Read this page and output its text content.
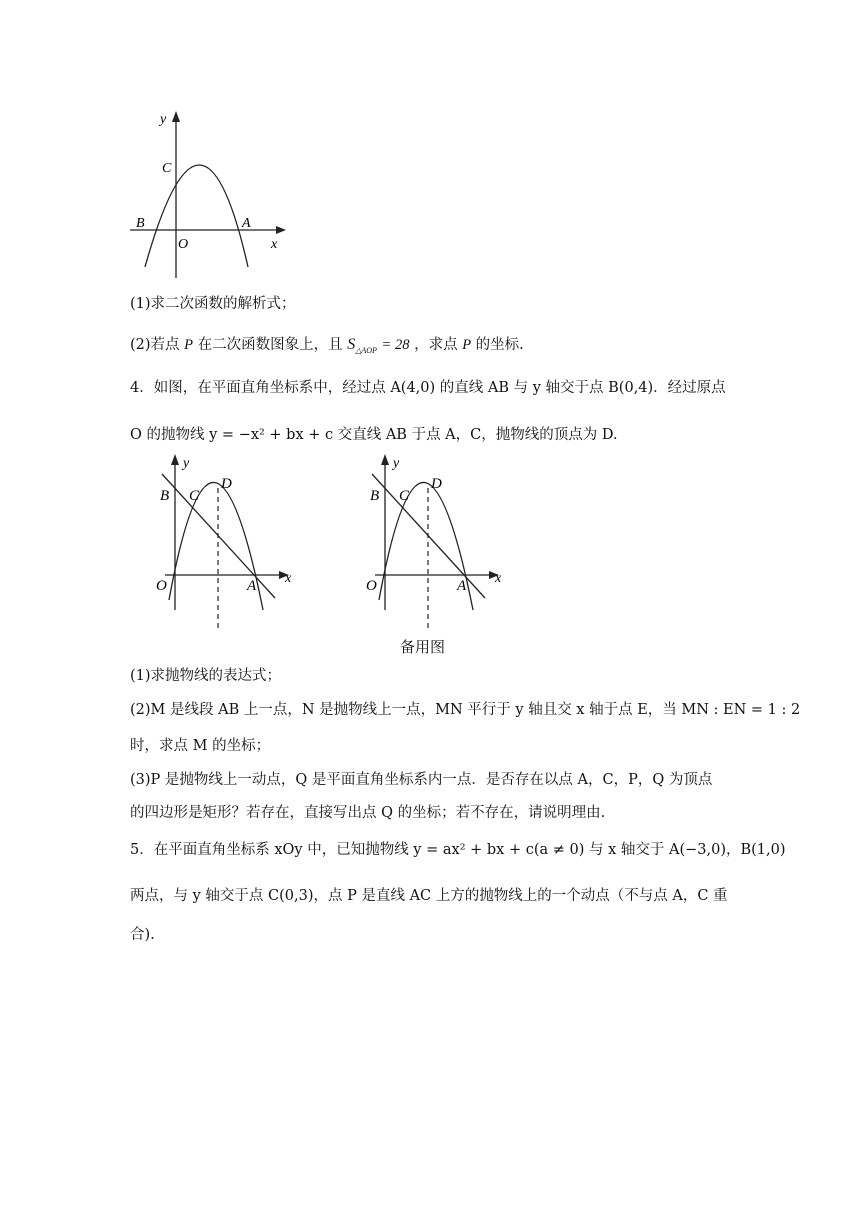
y
x
C
B	A
O
(1)求二次函数的解析式；
(2)若点 P 在二次函数图象上，且 $S_{\triangle AOP} = 28$ ，求点 P 的坐标.
4．如图，在平面直角坐标系中，经过点 A(4,0) 的直线 AB 与 y 轴交于点 B(0,4)．经过原点
O 的抛物线 y = −x² + bx + c 交直线 AB 于点 A，C，抛物线的顶点为 D.
y
x
B C
D
O	A
y
x
B C
D
O	A
备用图
(1)求抛物线的表达式；
(2)M 是线段 AB 上一点，N 是抛物线上一点，MN 平行于 y 轴且交 x 轴于点 E，当 MN : EN = 1 : 2
时，求点 M 的坐标；
(3)P 是抛物线上一动点，Q 是平面直角坐标系内一点．是否存在以点 A，C，P，Q 为顶点
的四边形是矩形？若存在，直接写出点 Q 的坐标；若不存在，请说明理由.
5．在平面直角坐标系 xOy 中，已知抛物线 y = ax² + bx + c(a ≠ 0) 与 x 轴交于 A(−3,0)，B(1,0)
两点，与 y 轴交于点 C(0,3)，点 P 是直线 AC 上方的抛物线上的一个动点（不与点 A，C 重
合).
